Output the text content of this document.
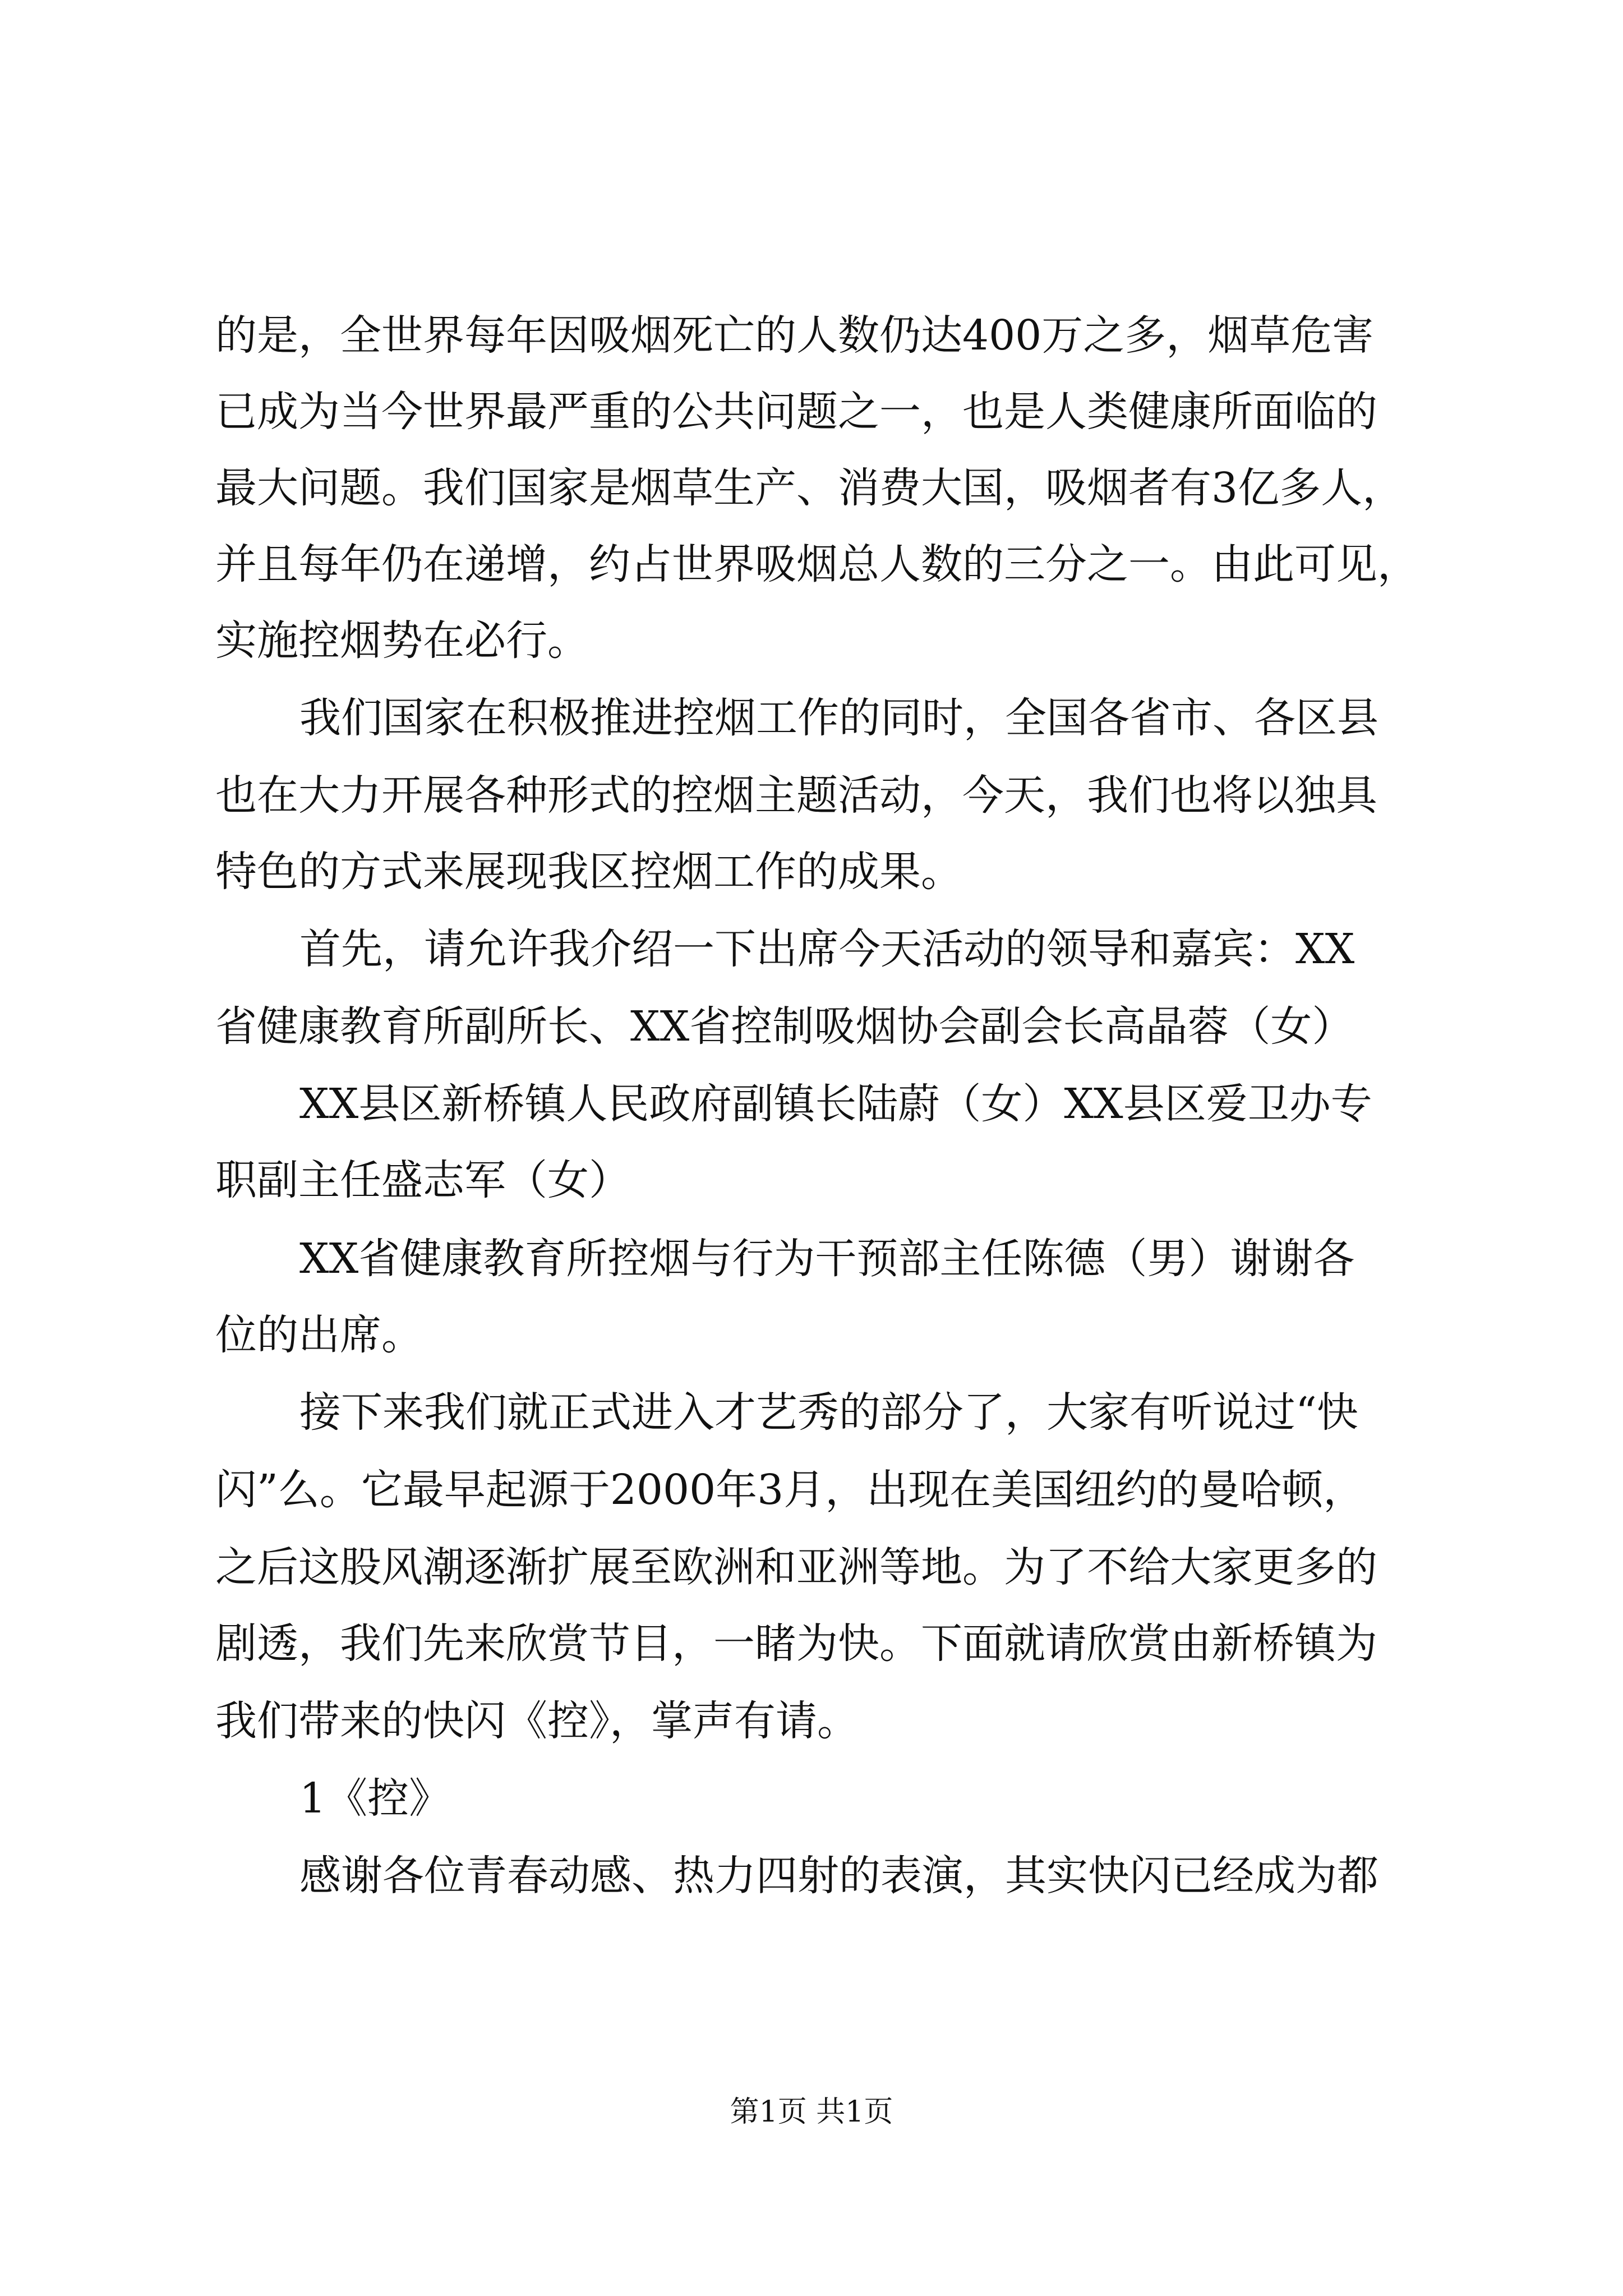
的是，全世界每年因吸烟死亡的人数仍达400万之多，烟草危害
已成为当今世界最严重的公共问题之一，也是人类健康所面临的
最大问题。我们国家是烟草生产、消费大国，吸烟者有3亿多人，
并且每年仍在递增，约占世界吸烟总人数的三分之一。由此可见，
实施控烟势在必行。
我们国家在积极推进控烟工作的同时，全国各省市、各区县
也在大力开展各种形式的控烟主题活动，今天，我们也将以独具
特色的方式来展现我区控烟工作的成果。
首先，请允许我介绍一下出席今天活动的领导和嘉宾：XX
省健康教育所副所长、XX省控制吸烟协会副会长高晶蓉（女）
XX县区新桥镇人民政府副镇长陆蔚（女）XX县区爱卫办专
职副主任盛志军（女）
XX省健康教育所控烟与行为干预部主任陈德（男）谢谢各
位的出席。
接下来我们就正式进入才艺秀的部分了，大家有听说过“快
闪”么。它最早起源于2000年3月，出现在美国纽约的曼哈顿，
之后这股风潮逐渐扩展至欧洲和亚洲等地。为了不给大家更多的
剧透，我们先来欣赏节目，一睹为快。下面就请欣赏由新桥镇为
我们带来的快闪《控》，掌声有请。
1《控》
感谢各位青春动感、热力四射的表演，其实快闪已经成为都
第1页 共1页
